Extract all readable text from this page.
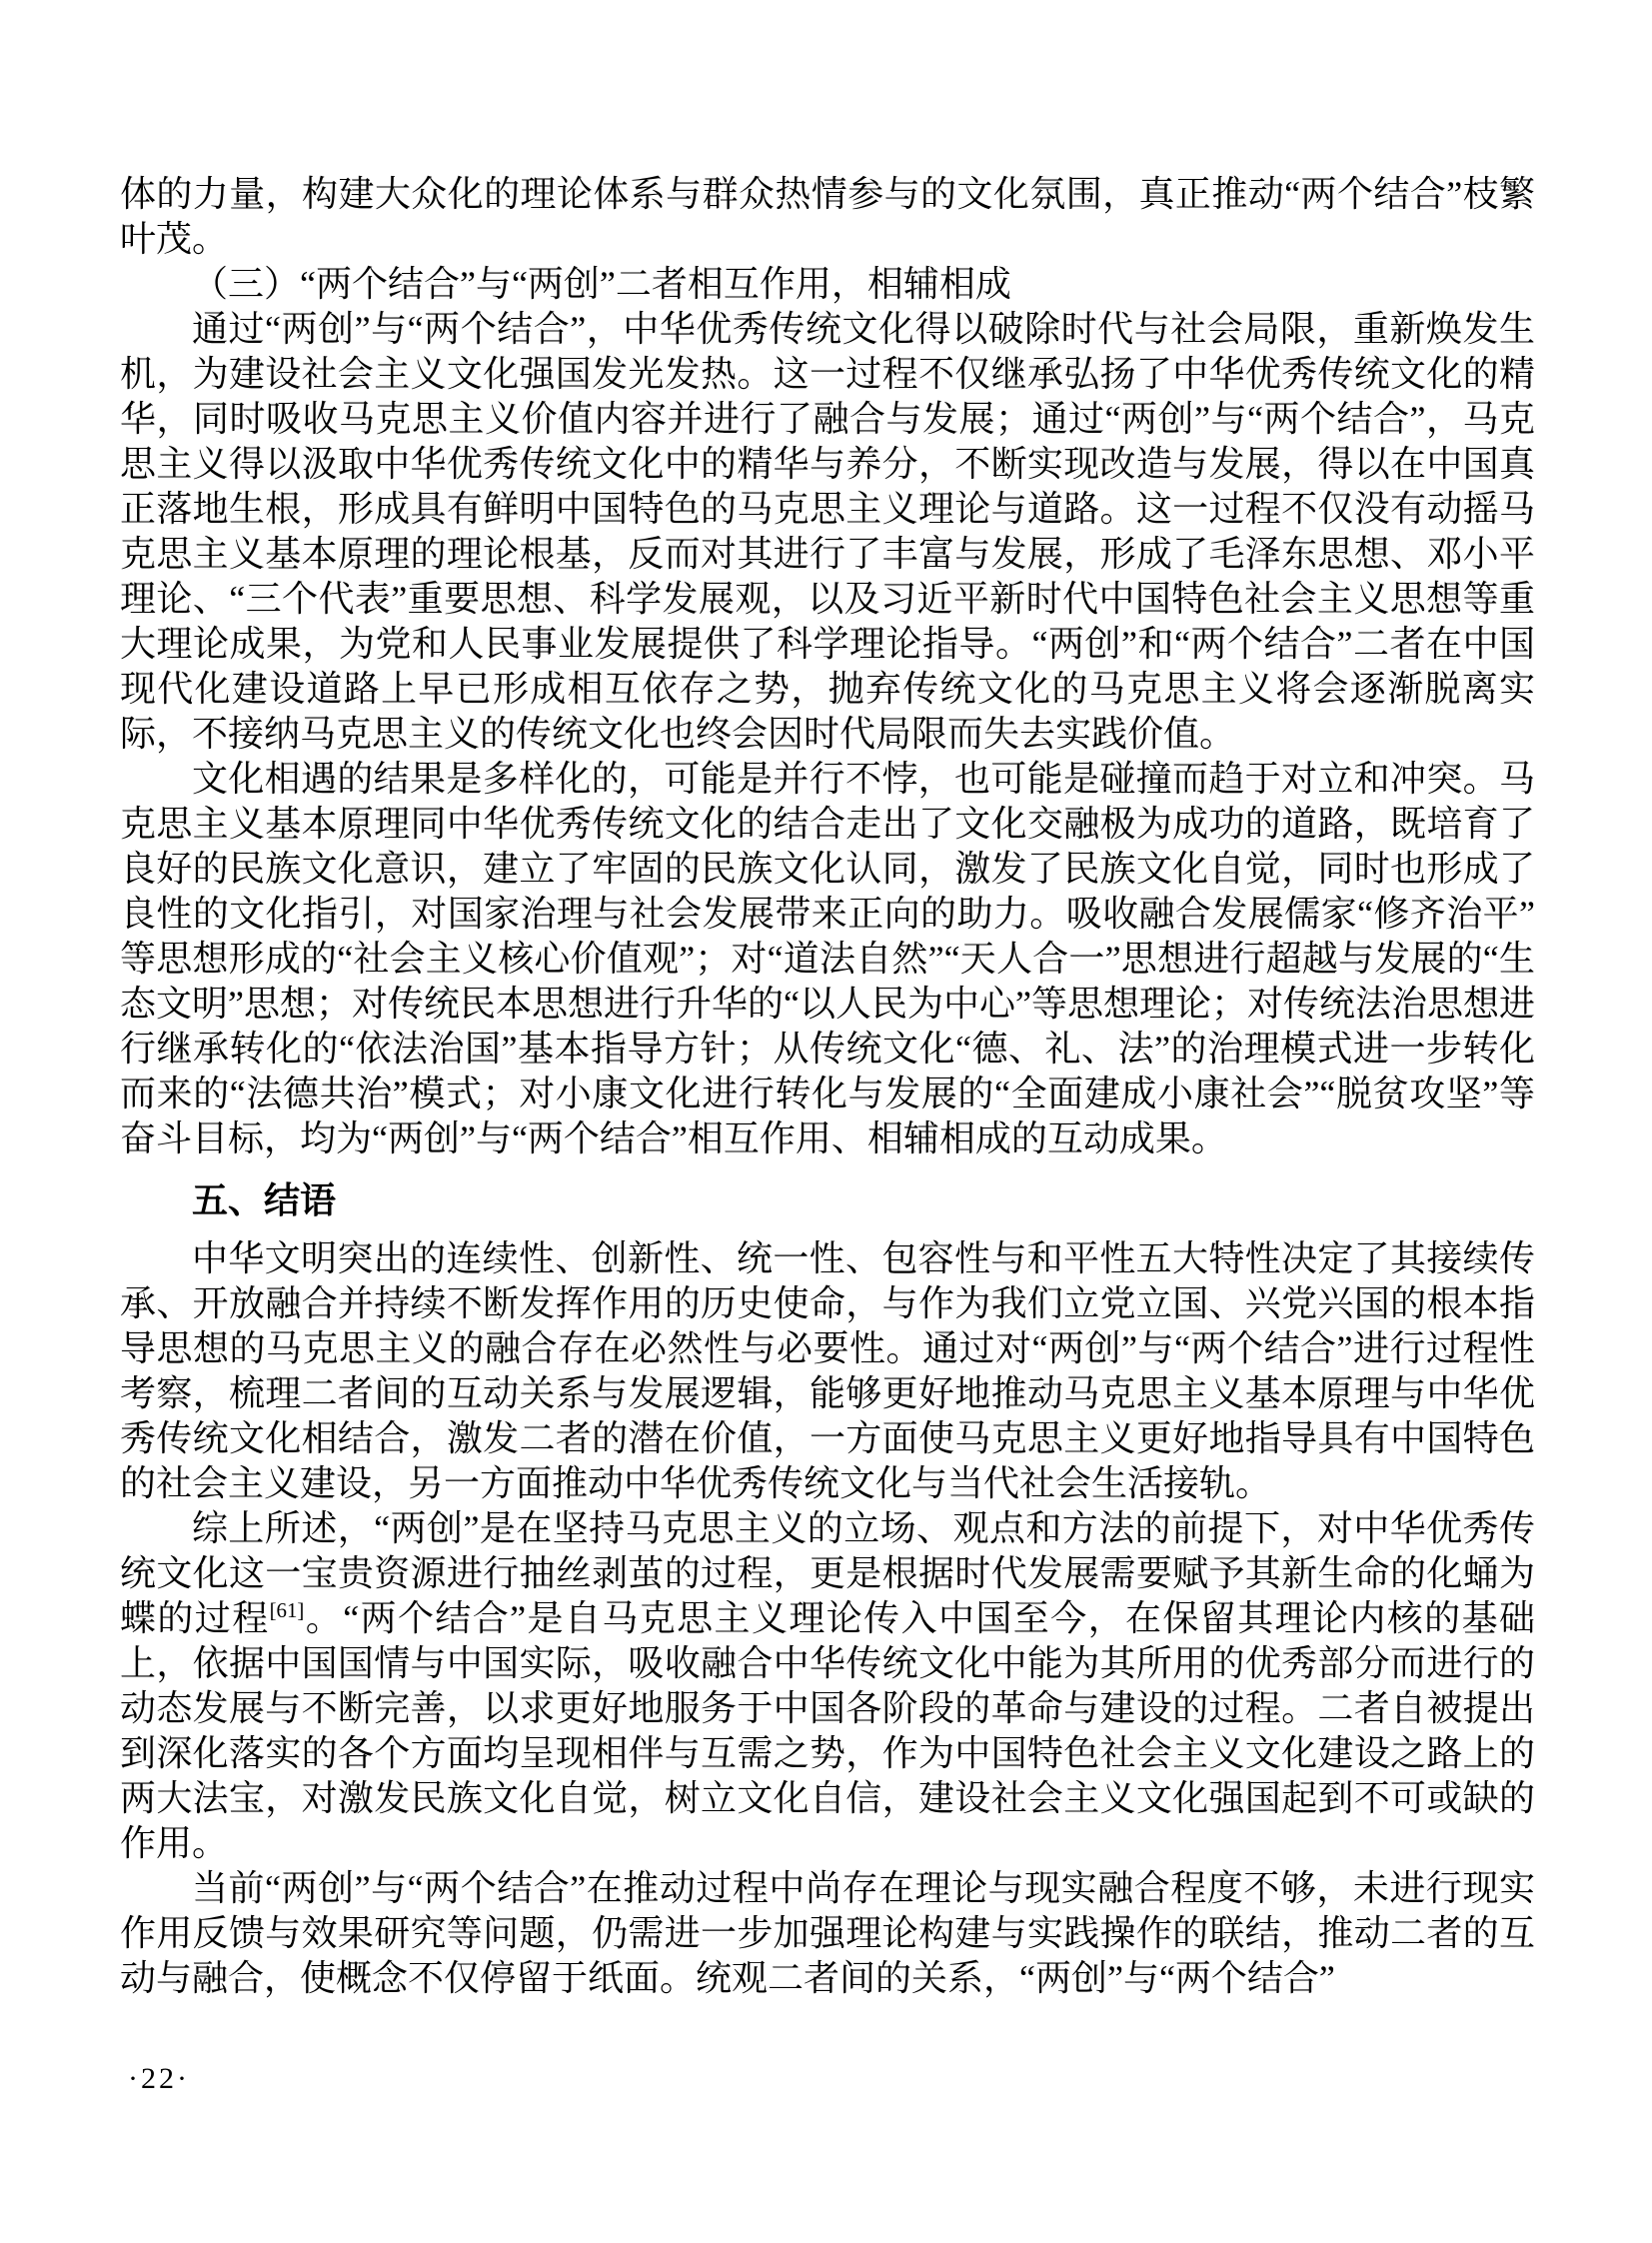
体的力量，构建大众化的理论体系与群众热情参与的文化氛围，真正推动“两个结合”枝繁叶茂。

（三）“两个结合”与“两创”二者相互作用，相辅相成

通过“两创”与“两个结合”，中华优秀传统文化得以破除时代与社会局限，重新焕发生机，为建设社会主义文化强国发光发热。这一过程不仅继承弘扬了中华优秀传统文化的精华，同时吸收马克思主义价值内容并进行了融合与发展；通过“两创”与“两个结合”，马克思主义得以汲取中华优秀传统文化中的精华与养分，不断实现改造与发展，得以在中国真正落地生根，形成具有鲜明中国特色的马克思主义理论与道路。这一过程不仅没有动摇马克思主义基本原理的理论根基，反而对其进行了丰富与发展，形成了毛泽东思想、邓小平理论、“三个代表”重要思想、科学发展观，以及习近平新时代中国特色社会主义思想等重大理论成果，为党和人民事业发展提供了科学理论指导。“两创”和“两个结合”二者在中国现代化建设道路上早已形成相互依存之势，抛弃传统文化的马克思主义将会逐渐脱离实际，不接纳马克思主义的传统文化也终会因时代局限而失去实践价值。

文化相遇的结果是多样化的，可能是并行不悖，也可能是碰撞而趋于对立和冲突。马克思主义基本原理同中华优秀传统文化的结合走出了文化交融极为成功的道路，既培育了良好的民族文化意识，建立了牢固的民族文化认同，激发了民族文化自觉，同时也形成了良性的文化指引，对国家治理与社会发展带来正向的助力。吸收融合发展儒家“修齐治平”等思想形成的“社会主义核心价值观”；对“道法自然”“天人合一”思想进行超越与发展的“生态文明”思想；对传统民本思想进行升华的“以人民为中心”等思想理论；对传统法治思想进行继承转化的“依法治国”基本指导方针；从传统文化“德、礼、法”的治理模式进一步转化而来的“法德共治”模式；对小康文化进行转化与发展的“全面建成小康社会”“脱贫攻坚”等奋斗目标，均为“两创”与“两个结合”相互作用、相辅相成的互动成果。

五、结语

中华文明突出的连续性、创新性、统一性、包容性与和平性五大特性决定了其接续传承、开放融合并持续不断发挥作用的历史使命，与作为我们立党立国、兴党兴国的根本指导思想的马克思主义的融合存在必然性与必要性。通过对“两创”与“两个结合”进行过程性考察，梳理二者间的互动关系与发展逻辑，能够更好地推动马克思主义基本原理与中华优秀传统文化相结合，激发二者的潜在价值，一方面使马克思主义更好地指导具有中国特色的社会主义建设，另一方面推动中华优秀传统文化与当代社会生活接轨。

综上所述，“两创”是在坚持马克思主义的立场、观点和方法的前提下，对中华优秀传统文化这一宝贵资源进行抽丝剥茧的过程，更是根据时代发展需要赋予其新生命的化蛹为蝶的过程[61]。“两个结合”是自马克思主义理论传入中国至今，在保留其理论内核的基础上，依据中国国情与中国实际，吸收融合中华传统文化中能为其所用的优秀部分而进行的动态发展与不断完善，以求更好地服务于中国各阶段的革命与建设的过程。二者自被提出到深化落实的各个方面均呈现相伴与互需之势，作为中国特色社会主义文化建设之路上的两大法宝，对激发民族文化自觉，树立文化自信，建设社会主义文化强国起到不可或缺的作用。

当前“两创”与“两个结合”在推动过程中尚存在理论与现实融合程度不够，未进行现实作用反馈与效果研究等问题，仍需进一步加强理论构建与实践操作的联结，推动二者的互动与融合，使概念不仅停留于纸面。统观二者间的关系，“两创”与“两个结合”

·22·
